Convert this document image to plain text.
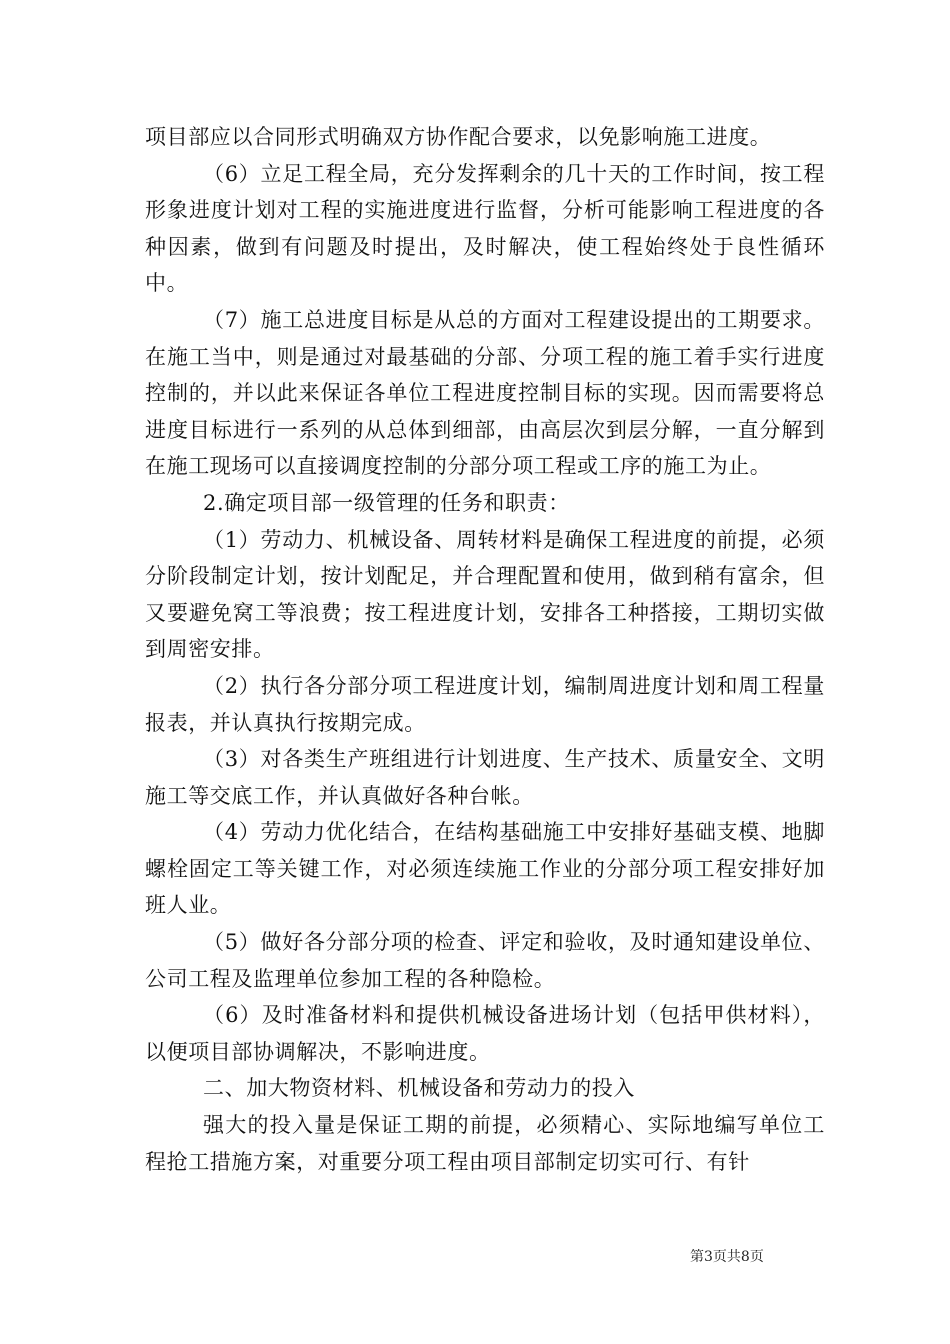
项目部应以合同形式明确双方协作配合要求，以免影响施工进度。

（6）立足工程全局，充分发挥剩余的几十天的工作时间，按工程形象进度计划对工程的实施进度进行监督，分析可能影响工程进度的各种因素，做到有问题及时提出，及时解决，使工程始终处于良性循环中。

（7）施工总进度目标是从总的方面对工程建设提出的工期要求。在施工当中，则是通过对最基础的分部、分项工程的施工着手实行进度控制的，并以此来保证各单位工程进度控制目标的实现。因而需要将总进度目标进行一系列的从总体到细部，由高层次到层分解，一直分解到在施工现场可以直接调度控制的分部分项工程或工序的施工为止。

2.确定项目部一级管理的任务和职责：

（1）劳动力、机械设备、周转材料是确保工程进度的前提，必须分阶段制定计划，按计划配足，并合理配置和使用，做到稍有富余，但又要避免窝工等浪费；按工程进度计划，安排各工种搭接，工期切实做到周密安排。

（2）执行各分部分项工程进度计划，编制周进度计划和周工程量报表，并认真执行按期完成。

（3）对各类生产班组进行计划进度、生产技术、质量安全、文明施工等交底工作，并认真做好各种台帐。

（4）劳动力优化结合，在结构基础施工中安排好基础支模、地脚螺栓固定工等关键工作，对必须连续施工作业的分部分项工程安排好加班人业。

（5）做好各分部分项的检查、评定和验收，及时通知建设单位、公司工程及监理单位参加工程的各种隐检。

（6）及时准备材料和提供机械设备进场计划（包括甲供材料），以便项目部协调解决，不影响进度。

二、加大物资材料、机械设备和劳动力的投入

强大的投入量是保证工期的前提，必须精心、实际地编写单位工程抢工措施方案，对重要分项工程由项目部制定切实可行、有针

第3页共8页
